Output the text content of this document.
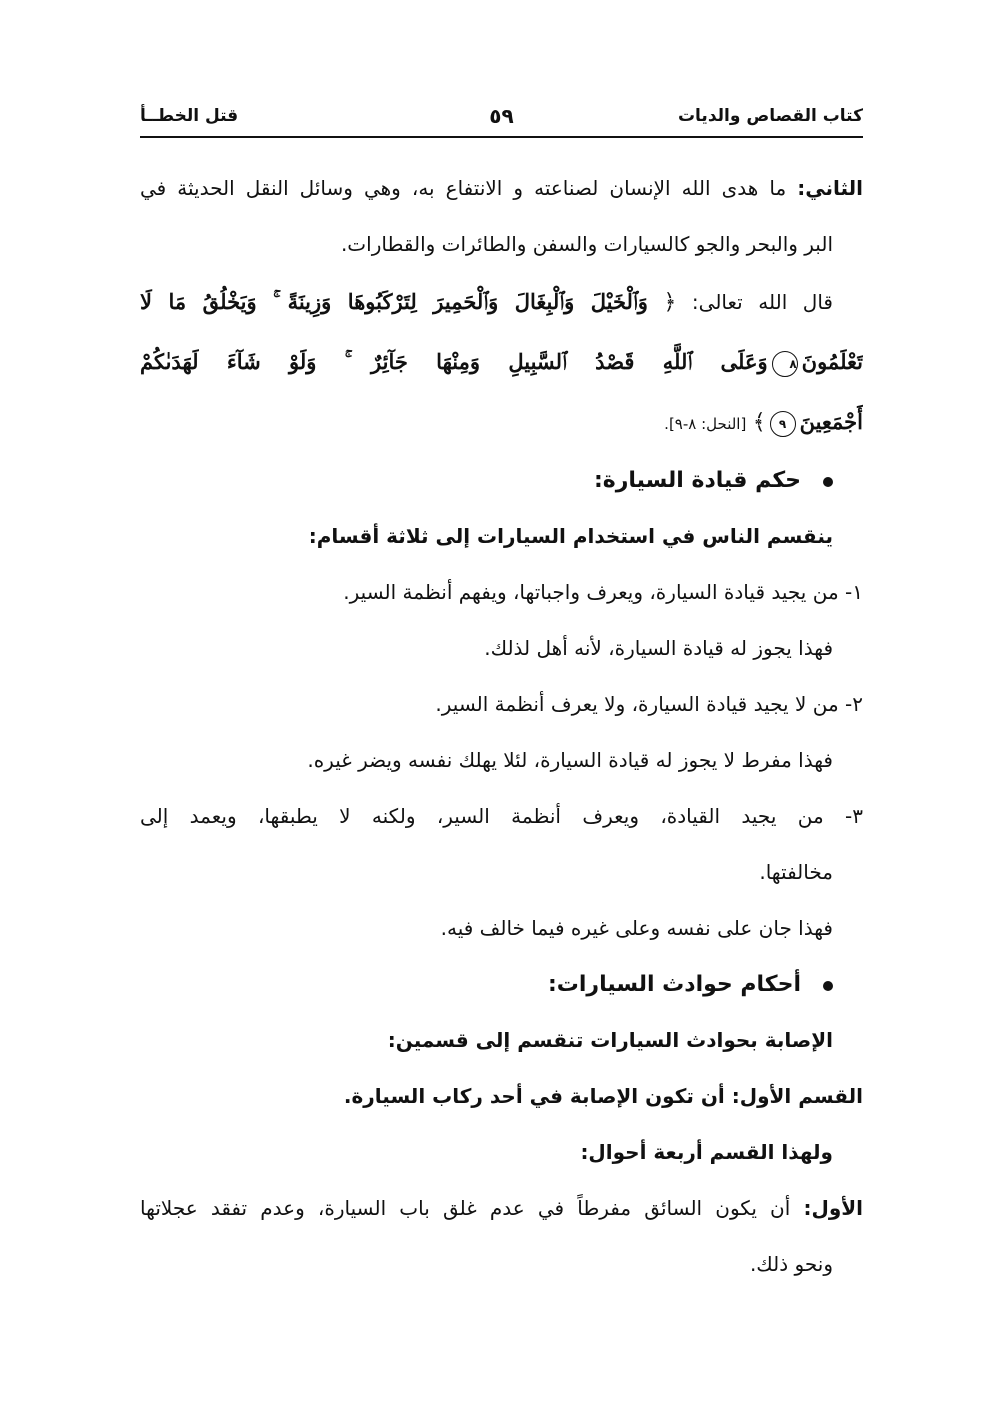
كتاب القصاص والديات
٥٩
قتل الخطــأ
الثاني: ما هدى الله الإنسان لصناعته و الانتفاع به، وهي وسائل النقل الحديثة في
البر والبحر والجو كالسيارات والسفن والطائرات والقطارات.
قال الله تعالى: ﴿ وَٱلْخَيْلَ وَٱلْبِغَالَ وَٱلْحَمِيرَ لِتَرْكَبُوهَا وَزِينَةً ۚ وَيَخْلُقُ مَا لَا
تَعْلَمُونَ٨وَعَلَى ٱللَّهِ قَصْدُ ٱلسَّبِيلِ وَمِنْهَا جَآئِرٌ ۚ وَلَوْ شَآءَ لَهَدَىٰكُمْ
أَجْمَعِينَ٩﴾ [النحل: ٨-٩].
حكم قيادة السيارة:
ينقسم الناس في استخدام السيارات إلى ثلاثة أقسام:
١- من يجيد قيادة السيارة، ويعرف واجباتها، ويفهم أنظمة السير.
فهذا يجوز له قيادة السيارة، لأنه أهل لذلك.
٢- من لا يجيد قيادة السيارة، ولا يعرف أنظمة السير.
فهذا مفرط لا يجوز له قيادة السيارة، لئلا يهلك نفسه ويضر غيره.
٣- من يجيد القيادة، ويعرف أنظمة السير، ولكنه لا يطبقها، ويعمد إلى
مخالفتها.
فهذا جان على نفسه وعلى غيره فيما خالف فيه.
أحكام حوادث السيارات:
الإصابة بحوادث السيارات تنقسم إلى قسمين:
القسم الأول: أن تكون الإصابة في أحد ركاب السيارة.
ولهذا القسم أربعة أحوال:
الأول: أن يكون السائق مفرطاً في عدم غلق باب السيارة، وعدم تفقد عجلاتها
ونحو ذلك.
